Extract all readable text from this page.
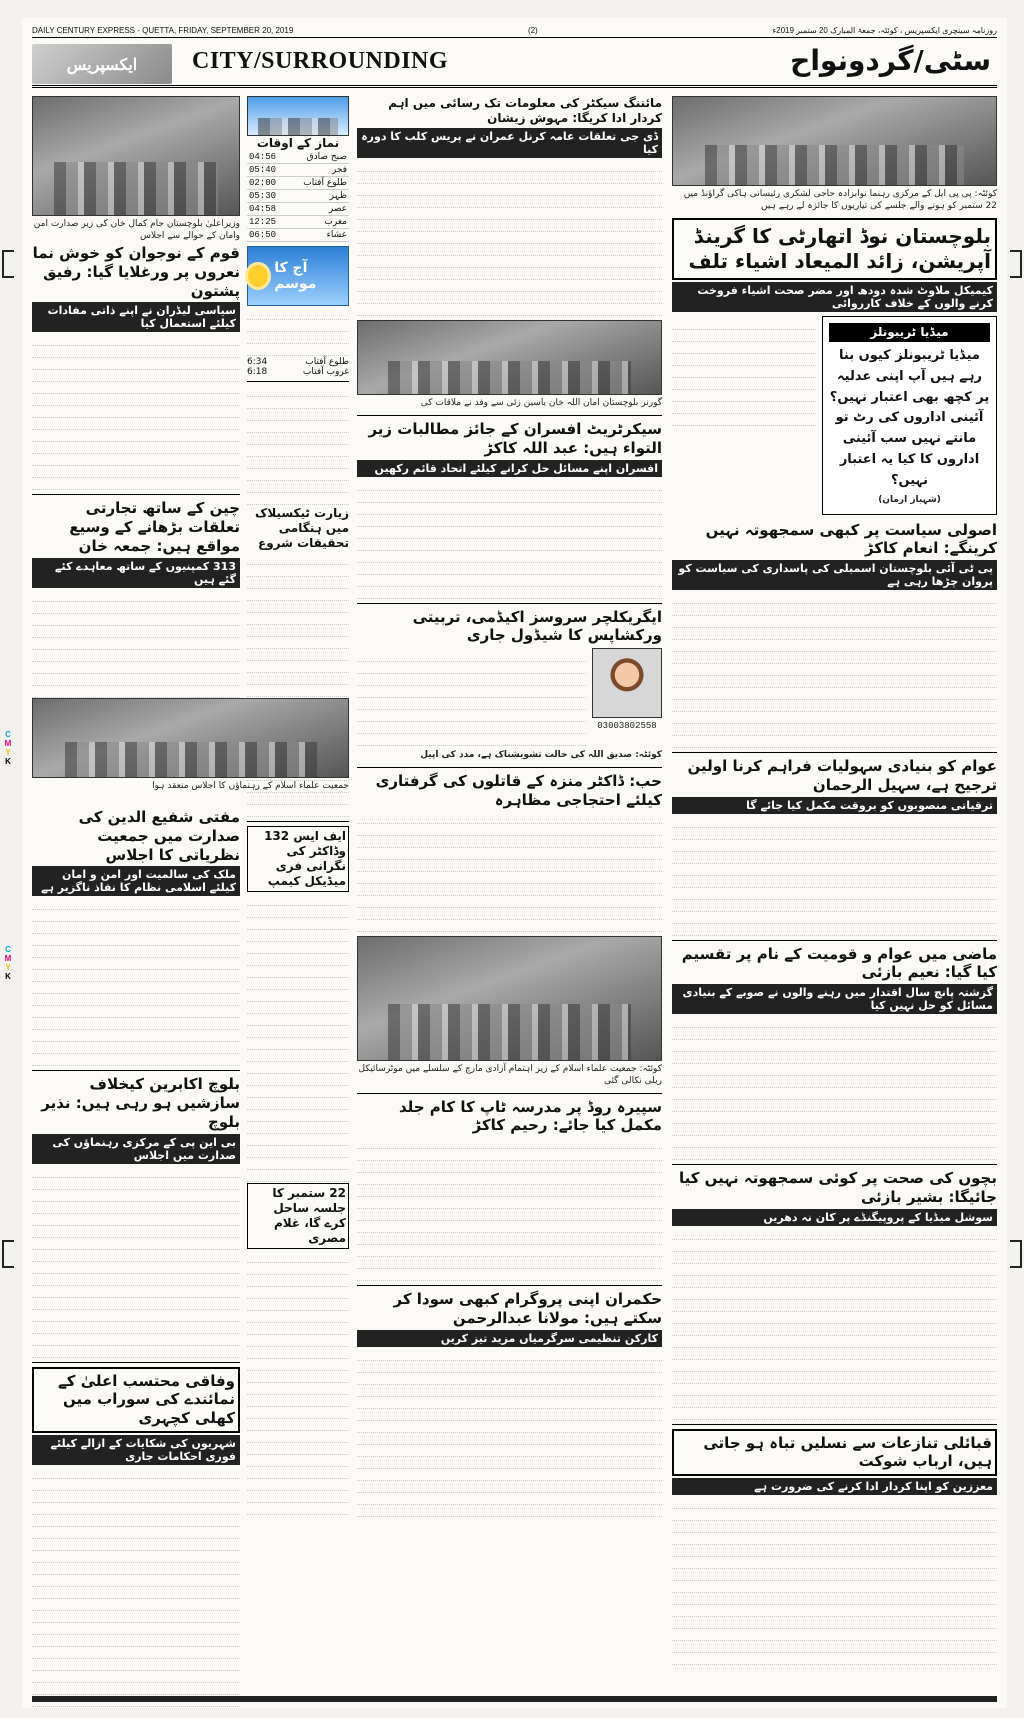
DAILY CENTURY EXPRESS - QUETTA, FRIDAY, SEPTEMBER 20, 2019	(2)	روزنامہ سینچری ایکسپریس ، کوئٹہ، جمعۃ المبارک 20 ستمبر 2019ء
ایکسپریس	CITY/SURROUNDING	سٹی/گردونواح
کوئٹہ: پی پی ایل کے مرکزی رہنما نوابزادہ حاجی لشکری رئیسانی ہاکی گراؤنڈ میں 22 ستمبر کو ہونے والے جلسے کی تیاریوں کا جائزہ لے رہے ہیں
بلوچستان نوڈ اتھارٹی کا گرینڈ آپریشن، زائد المیعاد اشیاء تلف
کیمیکل ملاوٹ شدہ دودھ اور مضر صحت اشیاء فروخت کرنے والوں کے خلاف کارروائی
میڈیا ٹریبونلز
میڈیا ٹریبونلز کیوں بنا رہے ہیں آپ اپنی عدلیہ پر کچھ بھی اعتبار نہیں؟ آئینی اداروں کی رٹ تو مانتے نہیں سب آئینی اداروں کا کیا یہ اعتبار نہیں؟
(شہباز ارمان)
اصولی سیاست پر کبھی سمجھوتہ نہیں کرینگے: انعام کاکڑ
پی ٹی آئی بلوچستان اسمبلی کی پاسداری کی سیاست کو پروان چڑھا رہی ہے
عوام کو بنیادی سہولیات فراہم کرنا اولین ترجیح ہے، سہیل الرحمان
ترقیاتی منصوبوں کو بروقت مکمل کیا جائے گا
ماضی میں عوام و قومیت کے نام پر تقسیم کیا گیا: نعیم بازئی
گزشتہ پانچ سال اقتدار میں رہنے والوں نے صوبے کے بنیادی مسائل کو حل نہیں کیا
بچوں کی صحت پر کوئی سمجھوتہ نہیں کیا جائیگا: بشیر بازئی
سوشل میڈیا کے پروپیگنڈے پر کان نہ دھریں
قبائلی تنازعات سے نسلیں تباہ ہو جاتی ہیں، ارباب شوکت
معززین کو اپنا کردار ادا کرنے کی ضرورت ہے
مائننگ سیکٹر کی معلومات تک رسائی میں اہم کردار ادا کریگا: مہوش زیشان
ڈی جی تعلقات عامہ کرنل عمران نے پریس کلب کا دورہ کیا
گورنر بلوچستان امان اللہ خان یاسین زئی سے وفد نے ملاقات کی
سیکرٹریٹ افسران کے جائز مطالبات زیر التواء ہیں: عبد اللہ کاکڑ
افسران اپنے مسائل حل کرانے کیلئے اتحاد قائم رکھیں
ایگریکلچر سروسز اکیڈمی، تربیتی ورکشاپس کا شیڈول جاری
03003802558
کوئٹہ: صدیق اللہ کی حالت تشویشناک ہے، مدد کی اپیل
حب: ڈاکٹر منزہ کے قاتلوں کی گرفتاری کیلئے احتجاجی مظاہرہ
کوئٹہ: جمعیت علماء اسلام کے زیر اہتمام آزادی مارچ کے سلسلے میں موٹرسائیکل ریلی نکالی گئی
سپیرہ روڈ پر مدرسہ ٹاپ کا کام جلد مکمل کیا جائے: رحیم کاکڑ
حکمران اپنی پروگرام کبھی سودا کر سکتے ہیں: مولانا عبدالرحمن
کارکن تنظیمی سرگرمیاں مزید تیز کریں
نماز کے اوقات
04:56	صبح صادق
05:40	فجر
02:00	طلوع آفتاب
05:30	ظہر
04:58	عصر
12:25	مغرب
06:50	عشاء
آج کا موسم
طلوع آفتاب
6:34
غروب آفتاب
6:18
زیارت ٹیکسیلاک میں ہنگامی تحقیقات شروع
ایف ایس 132 وڈاکٹر کی نگرانی فری میڈیکل کیمپ
22 ستمبر کا جلسہ ساحل کرے گا، غلام مصری
وزیراعلیٰ بلوچستان جام کمال خان کی زیر صدارت امن وامان کے حوالے سے اجلاس
قوم کے نوجوان کو خوش نما نعروں پر ورغلایا گیا: رفیق پشتون
سیاسی لیڈران نے اپنے ذاتی مفادات کیلئے استعمال کیا
چین کے ساتھ تجارتی تعلقات بڑھانے کے وسیع مواقع ہیں: جمعہ خان
313 کمپنیوں کے ساتھ معاہدے کئے گئے ہیں
جمعیت علماء اسلام کے رہنماؤں کا اجلاس منعقد ہوا
مفتی شفیع الدین کی صدارت میں جمعیت نظریاتی کا اجلاس
ملک کی سالمیت اور امن و امان کیلئے اسلامی نظام کا نفاذ ناگزیر ہے
بلوچ اکابرین کیخلاف سازشیں ہو رہی ہیں: نذیر بلوچ
بی این پی کے مرکزی رہنماؤں کی صدارت میں اجلاس
وفاقی محتسب اعلیٰ کے نمائندے کی سوراب میں کھلی کچہری
شہریوں کی شکایات کے ازالے کیلئے فوری احکامات جاری
C
M
Y
K
C
M
Y
K
